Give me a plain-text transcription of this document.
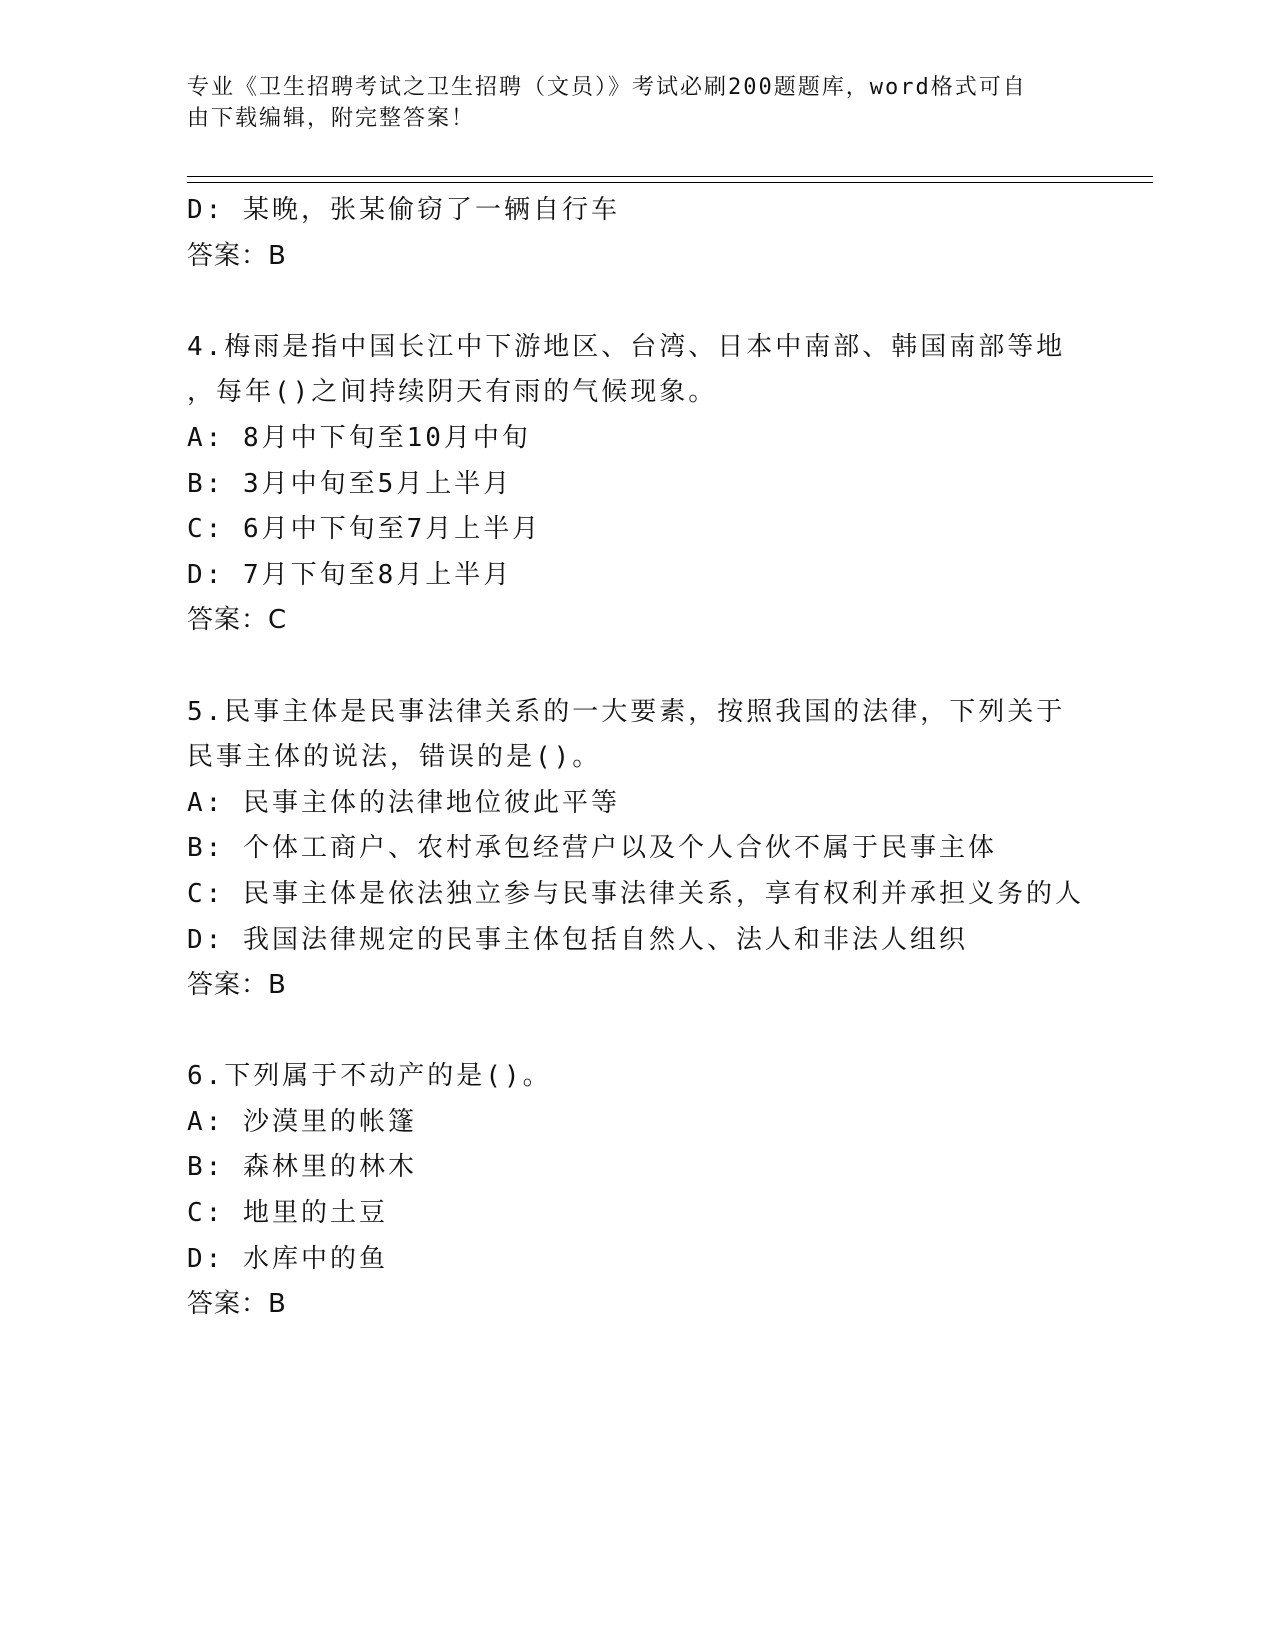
专业《卫生招聘考试之卫生招聘（文员）》考试必刷200题题库，word格式可自
由下载编辑，附完整答案！
D: 某晚，张某偷窃了一辆自行车
答案：B
4.梅雨是指中国长江中下游地区、台湾、日本中南部、韩国南部等地
，每年()之间持续阴天有雨的气候现象。
A: 8月中下旬至10月中旬
B: 3月中旬至5月上半月
C: 6月中下旬至7月上半月
D: 7月下旬至8月上半月
答案：C
5.民事主体是民事法律关系的一大要素，按照我国的法律，下列关于
民事主体的说法，错误的是()。
A: 民事主体的法律地位彼此平等
B: 个体工商户、农村承包经营户以及个人合伙不属于民事主体
C: 民事主体是依法独立参与民事法律关系，享有权利并承担义务的人
D: 我国法律规定的民事主体包括自然人、法人和非法人组织
答案：B
6.下列属于不动产的是()。
A: 沙漠里的帐篷
B: 森林里的林木
C: 地里的土豆
D: 水库中的鱼
答案：B
